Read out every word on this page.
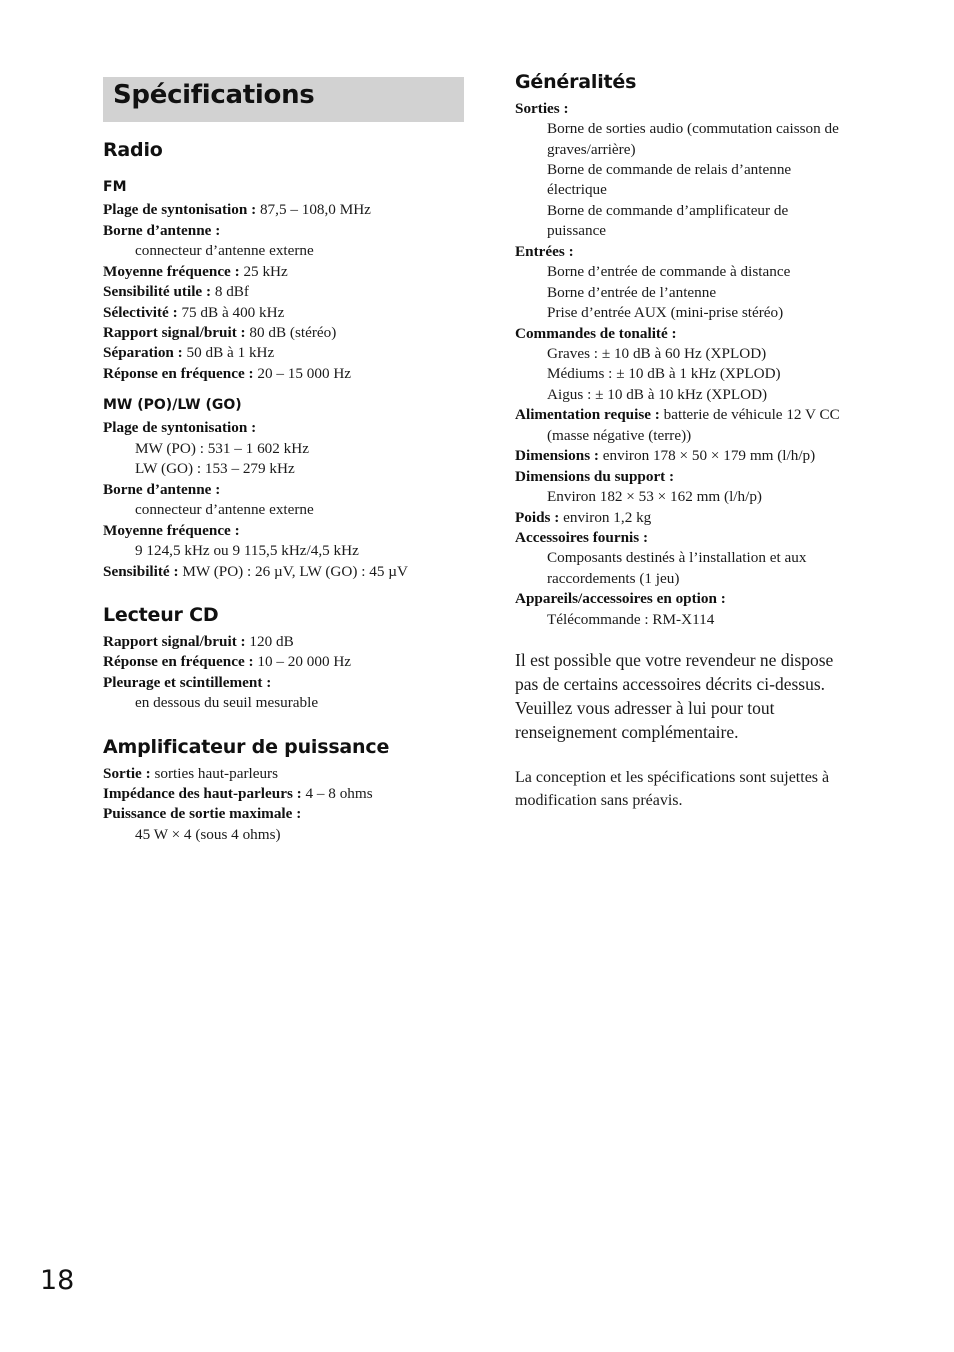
Spécifications
Radio
FM
Plage de syntonisation : 87,5 – 108,0 MHz
Borne d’antenne :
connecteur d’antenne externe
Moyenne fréquence : 25 kHz
Sensibilité utile : 8 dBf
Sélectivité : 75 dB à 400 kHz
Rapport signal/bruit : 80 dB (stéréo)
Séparation : 50 dB à 1 kHz
Réponse en fréquence : 20 – 15 000 Hz
MW (PO)/LW (GO)
Plage de syntonisation :
MW (PO) : 531 – 1 602 kHz
LW (GO) : 153 – 279 kHz
Borne d’antenne :
connecteur d’antenne externe
Moyenne fréquence :
9 124,5 kHz ou 9 115,5 kHz/4,5 kHz
Sensibilité : MW (PO) : 26 µV, LW (GO) : 45 µV
Lecteur CD
Rapport signal/bruit : 120 dB
Réponse en fréquence : 10 – 20 000 Hz
Pleurage et scintillement :
en dessous du seuil mesurable
Amplificateur de puissance
Sortie : sorties haut-parleurs
Impédance des haut-parleurs : 4 – 8 ohms
Puissance de sortie maximale :
45 W × 4 (sous 4 ohms)
Généralités
Sorties :
Borne de sorties audio (commutation caisson de
graves/arrière)
Borne de commande de relais d’antenne
électrique
Borne de commande d’amplificateur de
puissance
Entrées :
Borne d’entrée de commande à distance
Borne d’entrée de l’antenne
Prise d’entrée AUX (mini-prise stéréo)
Commandes de tonalité :
Graves : ± 10 dB à 60 Hz (XPLOD)
Médiums : ± 10 dB à 1 kHz (XPLOD)
Aigus : ± 10 dB à 10 kHz (XPLOD)
Alimentation requise : batterie de véhicule 12 V CC
(masse négative (terre))
Dimensions : environ 178 × 50 × 179 mm (l/h/p)
Dimensions du support :
Environ 182 × 53 × 162 mm (l/h/p)
Poids : environ 1,2 kg
Accessoires fournis :
Composants destinés à l’installation et aux
raccordements (1 jeu)
Appareils/accessoires en option :
Télécommande : RM-X114
Il est possible que votre revendeur ne dispose
pas de certains accessoires décrits ci-dessus.
Veuillez vous adresser à lui pour tout
renseignement complémentaire.
La conception et les spécifications sont sujettes à
modification sans préavis.
18
